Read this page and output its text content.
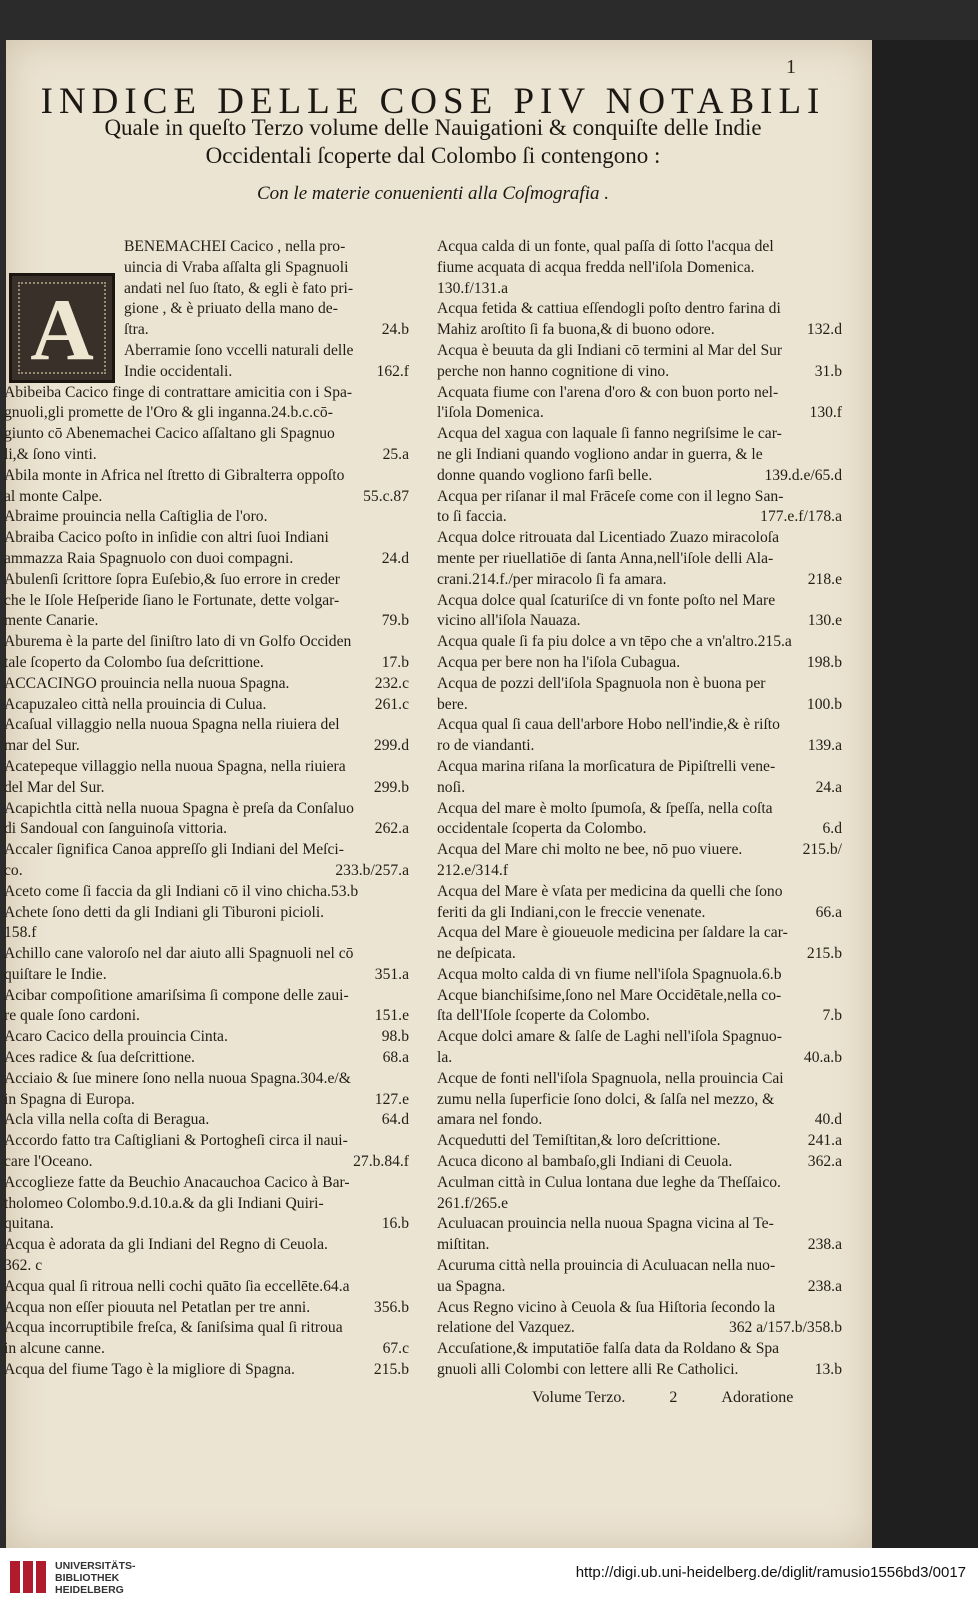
1
INDICE DELLE COSE PIV NOTABILI
Quale in queſto Terzo volume delle Nauigationi & conquiſte delle Indie
Occidentali ſcoperte dal Colombo ſi contengono :
Con le materie conuenienti alla Coſmografia .
BENEMACHEI Cacico , nella pro-
uincia di Vraba aſſalta gli Spagnuoli
andati nel ſuo ſtato, & egli è fato pri-
gione , & è priuato della mano de-
24.b
ſtra.
Aberramie ſono vccelli naturali delle
162.f
Indie occidentali.
Abibeiba Cacico finge di contrattare amicitia con i Spa-
gnuoli,gli promette de l'Oro & gli inganna.24.b.c.cō-
giunto cō Abenemachei Cacico aſſaltano gli Spagnuo
25.a
li,& ſono vinti.
Abila monte in Africa nel ſtretto di Gibralterra oppoſto
55.c.87
al monte Calpe.
Abraime prouincia nella Caſtiglia de l'oro.
Abraiba Cacico poſto in inſidie con altri ſuoi Indiani
24.d
ammazza Raia Spagnuolo con duoi compagni.
Abulenſi ſcrittore ſopra Euſebio,& ſuo errore in creder
che le Iſole Heſperide ſiano le Fortunate, dette volgar-
79.b
mente Canarie.
Aburema è la parte del ſiniſtro lato di vn Golfo Occiden
17.b
tale ſcoperto da Colombo ſua deſcrittione.
232.c
ACCACINGO prouincia nella nuoua Spagna.
261.c
Acapuzaleo città nella prouincia di Culua.
Acaſual villaggio nella nuoua Spagna nella riuiera del
299.d
mar del Sur.
Acatepeque villaggio nella nuoua Spagna, nella riuiera
299.b
del Mar del Sur.
Acapichtla città nella nuoua Spagna è preſa da Conſaluo
262.a
di Sandoual con ſanguinoſa vittoria.
Accaler ſignifica Canoa appreſſo gli Indiani del Meſci-
233.b/257.a
co.
Aceto come ſi faccia da gli Indiani cō il vino chicha.53.b
Achete ſono detti da gli Indiani gli Tiburoni picioli.
158.f
Achillo cane valoroſo nel dar aiuto alli Spagnuoli nel cō
351.a
quiſtare le Indie.
Acibar compoſitione amariſsima ſi compone delle zaui-
151.e
re quale ſono cardoni.
98.b
Acaro Cacico della prouincia Cinta.
68.a
Aces radice & ſua deſcrittione.
Acciaio & ſue minere ſono nella nuoua Spagna.304.e/&
127.e
in Spagna di Europa.
64.d
Acla villa nella coſta di Beragua.
Accordo fatto tra Caſtigliani & Portogheſi circa il naui-
27.b.84.f
care l'Oceano.
Accoglieze fatte da Beuchio Anacauchoa Cacico à Bar-
tholomeo Colombo.9.d.10.a.& da gli Indiani Quiri-
16.b
quitana.
Acqua è adorata da gli Indiani del Regno di Ceuola.
362. c
Acqua qual ſi ritroua nelli cochi quāto ſia eccellēte.64.a
356.b
Acqua non eſſer piouuta nel Petatlan per tre anni.
Acqua incorruptibile freſca, & ſaniſsima qual ſi ritroua
67.c
in alcune canne.
215.b
Acqua del fiume Tago è la migliore di Spagna.
Acqua calda di un fonte, qual paſſa di ſotto l'acqua del
fiume acquata di acqua fredda nell'iſola Domenica.
130.f/131.a
Acqua fetida & cattiua eſſendogli poſto dentro farina di
132.d
Mahiz aroſtito ſi fa buona,& di buono odore.
Acqua è beuuta da gli Indiani cō termini al Mar del Sur
31.b
perche non hanno cognitione di vino.
Acquata fiume con l'arena d'oro & con buon porto nel-
130.f
l'iſola Domenica.
Acqua del xagua con laquale ſi fanno negriſsime le car-
ne gli Indiani quando vogliono andar in guerra, & le
139.d.e/65.d
donne quando vogliono farſi belle.
Acqua per riſanar il mal Frāceſe come con il legno San-
177.e.f/178.a
to ſi faccia.
Acqua dolce ritrouata dal Licentiado Zuazo miracoloſa
mente per riuellatiōe di ſanta Anna,nell'iſole delli Ala-
218.e
crani.214.f./per miracolo ſi fa amara.
Acqua dolce qual ſcaturiſce di vn fonte poſto nel Mare
130.e
vicino all'iſola Nauaza.
Acqua quale ſi fa piu dolce a vn tēpo che a vn'altro.215.a
198.b
Acqua per bere non ha l'iſola Cubagua.
Acqua de pozzi dell'iſola Spagnuola non è buona per
100.b
bere.
Acqua qual ſi caua dell'arbore Hobo nell'indie,& è riſto
139.a
ro de viandanti.
Acqua marina riſana la morſicatura de Pipiſtrelli vene-
24.a
noſi.
Acqua del mare è molto ſpumoſa, & ſpeſſa, nella coſta
6.d
occidentale ſcoperta da Colombo.
215.b/
Acqua del Mare chi molto ne bee, nō puo viuere.
212.e/314.f
Acqua del Mare è vſata per medicina da quelli che ſono
66.a
feriti da gli Indiani,con le freccie venenate.
Acqua del Mare è gioueuole medicina per ſaldare la car-
215.b
ne deſpicata.
Acqua molto calda di vn fiume nell'iſola Spagnuola.6.b
Acque bianchiſsime,ſono nel Mare Occidētale,nella co-
7.b
ſta dell'Iſole ſcoperte da Colombo.
Acque dolci amare & ſalſe de Laghi nell'iſola Spagnuo-
40.a.b
la.
Acque de fonti nell'iſola Spagnuola, nella prouincia Cai
zumu nella ſuperficie ſono dolci, & ſalſa nel mezzo, &
40.d
amara nel fondo.
241.a
Acquedutti del Temiſtitan,& loro deſcrittione.
362.a
Acuca dicono al bambaſo,gli Indiani di Ceuola.
Aculman città in Culua lontana due leghe da Theſſaico.
261.f/265.e
Aculuacan prouincia nella nuoua Spagna vicina al Te-
238.a
miſtitan.
Acuruma città nella prouincia di Aculuacan nella nuo-
238.a
ua Spagna.
Acus Regno vicino à Ceuola & ſua Hiſtoria ſecondo la
362 a/157.b/358.b
relatione del Vazquez.
Accuſatione,& imputatiōe falſa data da Roldano & Spa
13.b
gnuoli alli Colombi con lettere alli Re Catholici.
A
Volume Terzo.	2	Adoratione
UNIVERSITÄTS-
BIBLIOTHEK
HEIDELBERG
http://digi.ub.uni-heidelberg.de/diglit/ramusio1556bd3/0017
